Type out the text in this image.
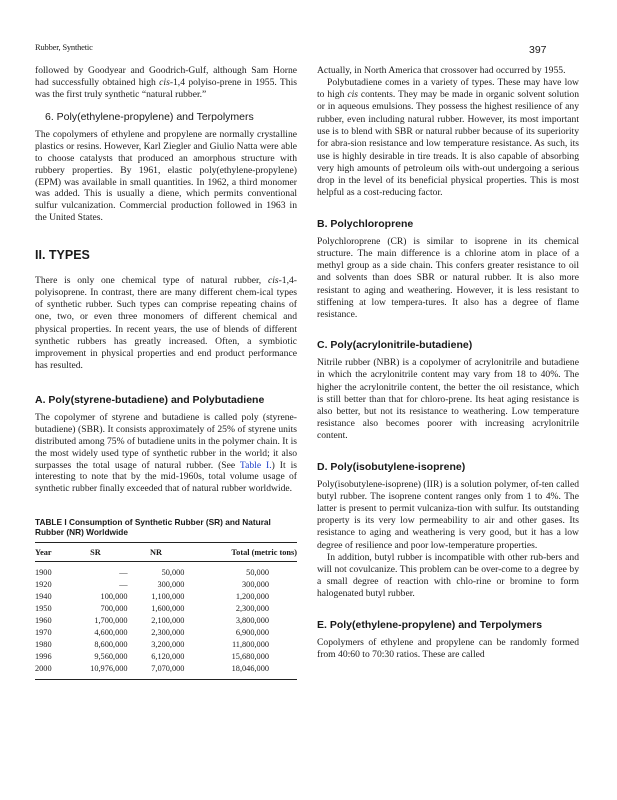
Rubber, Synthetic	397

followed by Goodyear and Goodrich-Gulf, although Sam Horne had successfully obtained high cis-1,4 polyiso-prene in 1955. This was the first truly synthetic “natural rubber.”

6. Poly(ethylene-propylene) and Terpolymers

The copolymers of ethylene and propylene are normally crystalline plastics or resins. However, Karl Ziegler and Giulio Natta were able to choose catalysts that produced an amorphous structure with rubbery properties. By 1961, elastic poly(ethylene-propylene) (EPM) was available in small quantities. In 1962, a third monomer was added. This is usually a diene, which permits conventional sulfur vulcanization. Commercial production followed in 1963 in the United States.

II. TYPES

There is only one chemical type of natural rubber, cis-1,4-polyisoprene. In contrast, there are many different chem-ical types of synthetic rubber. Such types can comprise repeating chains of one, two, or even three monomers of different chemical and physical properties. In recent years, the use of blends of different synthetic rubbers has greatly increased. Often, a symbiotic improvement in physical properties and end product performance has resulted.

A. Poly(styrene-butadiene) and Polybutadiene

The copolymer of styrene and butadiene is called poly (styrene-butadiene) (SBR). It consists approximately of 25% of styrene units distributed among 75% of butadiene units in the polymer chain. It is the most widely used type of synthetic rubber in the world; it also surpasses the total usage of natural rubber. (See Table I.) It is interesting to note that by the mid-1960s, total volume usage of synthetic rubber finally exceeded that of natural rubber worldwide.

TABLE I Consumption of Synthetic Rubber (SR) and Natural Rubber (NR) Worldwide

Year	SR	NR	Total (metric tons)
1900	—	50,000	50,000
1920	—	300,000	300,000
1940	100,000	1,100,000	1,200,000
1950	700,000	1,600,000	2,300,000
1960	1,700,000	2,100,000	3,800,000
1970	4,600,000	2,300,000	6,900,000
1980	8,600,000	3,200,000	11,800,000
1996	9,560,000	6,120,000	15,680,000
2000	10,976,000	7,070,000	18,046,000

Actually, in North America that crossover had occurred by 1955.

Polybutadiene comes in a variety of types. These may have low to high cis contents. They may be made in organic solvent solution or in aqueous emulsions. They possess the highest resilience of any rubber, even including natural rubber. However, its most important use is to blend with SBR or natural rubber because of its superiority for abra-sion resistance and low temperature resistance. As such, its use is highly desirable in tire treads. It is also capable of absorbing very high amounts of petroleum oils with-out undergoing a serious drop in the level of its beneficial physical properties. This is most helpful as a cost-reducing factor.

B. Polychloroprene

Polychloroprene (CR) is similar to isoprene in its chemical structure. The main difference is a chlorine atom in place of a methyl group as a side chain. This confers greater resistance to oil and solvents than does SBR or natural rubber. It is also more resistant to aging and weathering. However, it is less resistant to stiffening at low tempera-tures. It also has a degree of flame resistance.

C. Poly(acrylonitrile-butadiene)

Nitrile rubber (NBR) is a copolymer of acrylonitrile and butadiene in which the acrylonitrile content may vary from 18 to 40%. The higher the acrylonitrile content, the better the oil resistance, which is still better than that for chloro-prene. Its heat aging resistance is also better, but not its resistance to weathering. Low temperature resistance also becomes poorer with increasing acrylonitrile content.

D. Poly(isobutylene-isoprene)

Poly(isobutylene-isoprene) (IIR) is a solution polymer, of-ten called butyl rubber. The isoprene content ranges only from 1 to 4%. The latter is present to permit vulcaniza-tion with sulfur. Its outstanding property is its very low permeability to air and other gases. Its resistance to aging and weathering is very good, but it has a low degree of resilience and poor low-temperature properties.

In addition, butyl rubber is incompatible with other rub-bers and will not covulcanize. This problem can be over-come to a degree by a small degree of reaction with chlo-rine or bromine to form halogenated butyl rubber.

E. Poly(ethylene-propylene) and Terpolymers

Copolymers of ethylene and propylene can be randomly formed from 40:60 to 70:30 ratios. These are called
